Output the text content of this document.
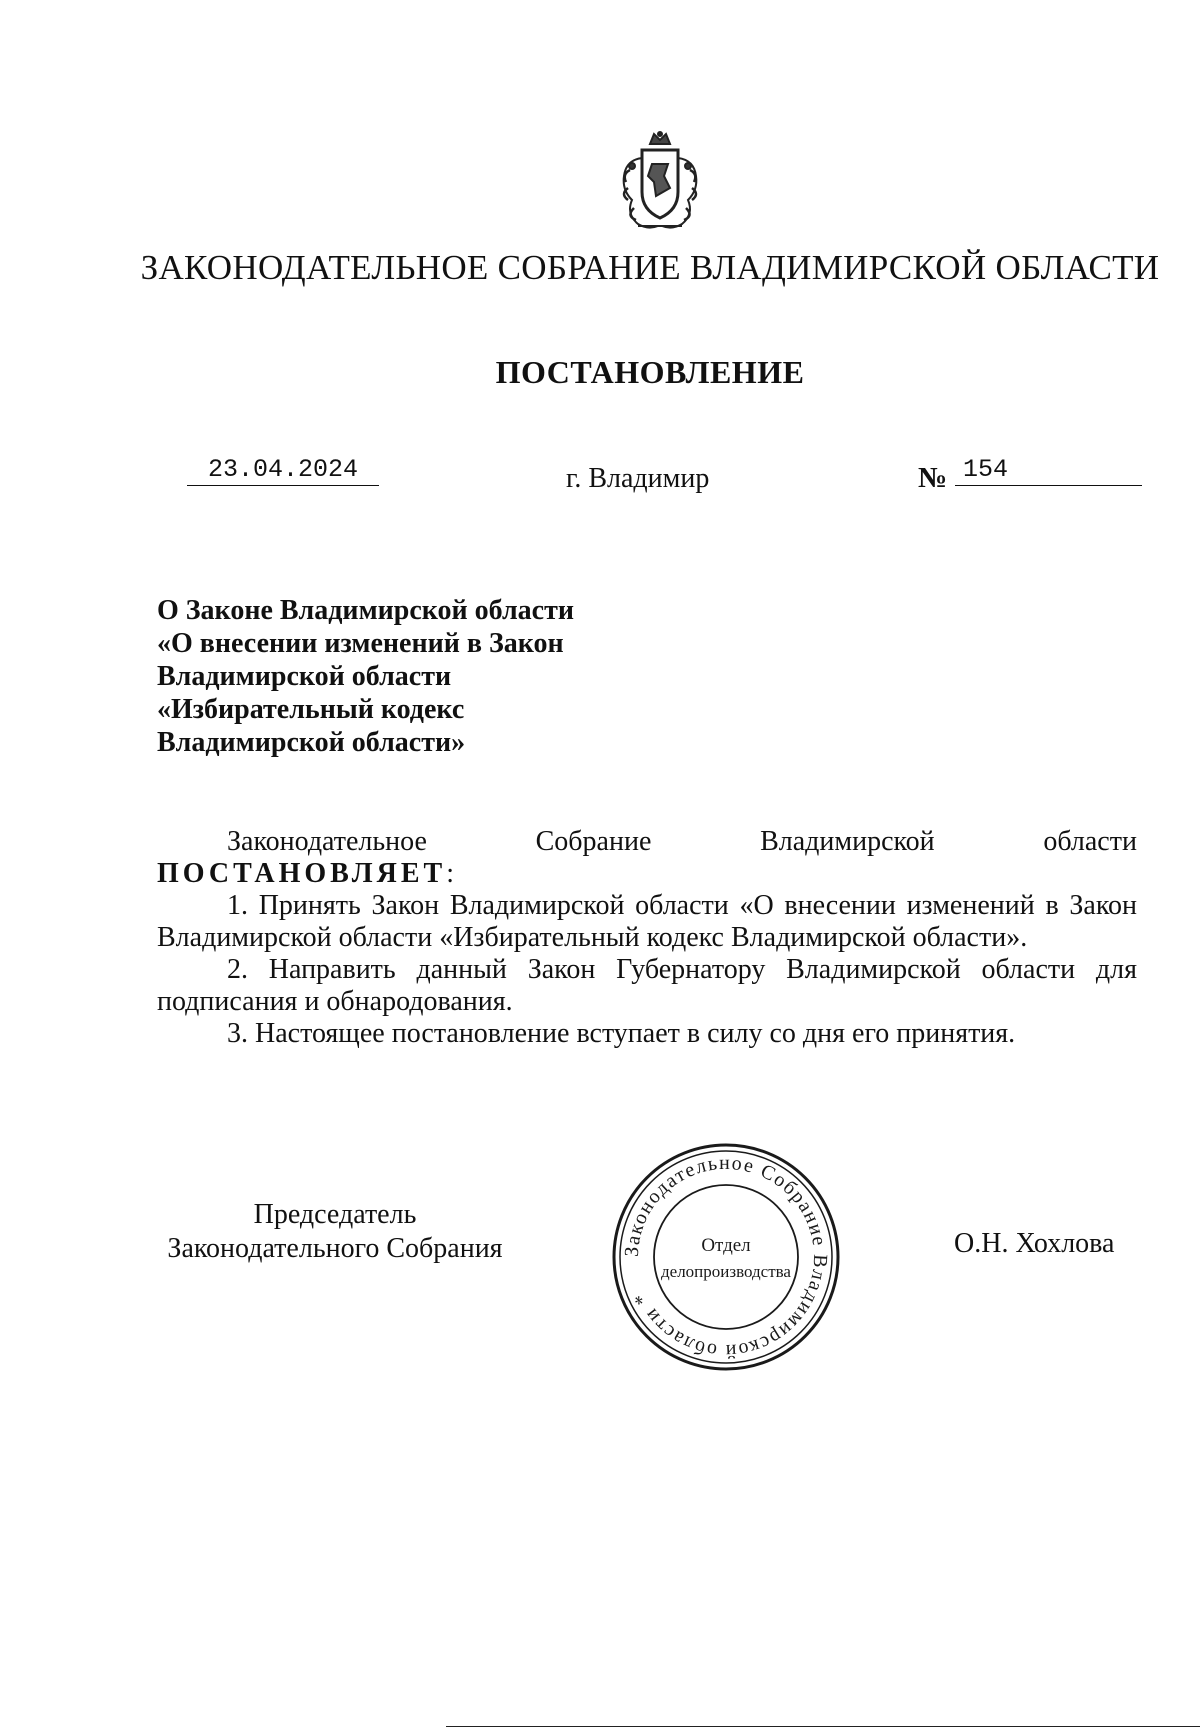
ЗАКОНОДАТЕЛЬНОЕ СОБРАНИЕ ВЛАДИМИРСКОЙ ОБЛАСТИ
ПОСТАНОВЛЕНИЕ
23.04.2024	г. Владимир	№ 154
О Законе Владимирской области
«О внесении изменений в Закон
Владимирской области
«Избирательный кодекс
Владимирской области»
Законодательное	Собрание	Владимирской	области
ПОСТАНОВЛЯЕТ:

1. Принять Закон Владимирской области «О внесении изменений в Закон Владимирской области «Избирательный кодекс Владимирской области».

2. Направить данный Закон Губернатору Владимирской области для подписания и обнародования.

3. Настоящее постановление вступает в силу со дня его принятия.

Председатель
Законодательного Собрания	Законодательное Собрание Владимирской области *
Отдел
делопроизводства
О.Н. Хохлова
